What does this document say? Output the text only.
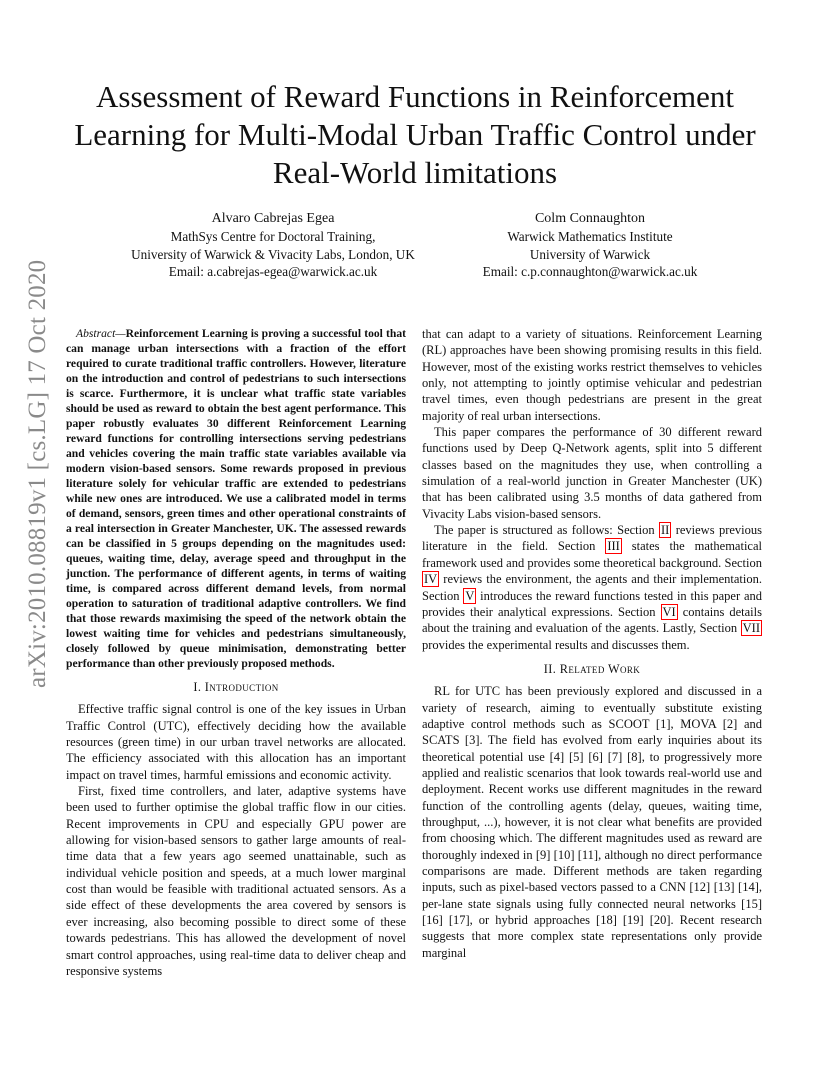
arXiv:2010.08819v1 [cs.LG] 17 Oct 2020
Assessment of Reward Functions in Reinforcement Learning for Multi-Modal Urban Traffic Control under Real-World limitations
Alvaro Cabrejas Egea
MathSys Centre for Doctoral Training,
University of Warwick & Vivacity Labs, London, UK
Email: a.cabrejas-egea@warwick.ac.uk
Colm Connaughton
Warwick Mathematics Institute
University of Warwick
Email: c.p.connaughton@warwick.ac.uk

Abstract—Reinforcement Learning is proving a successful tool that can manage urban intersections with a fraction of the effort required to curate traditional traffic controllers. However, literature on the introduction and control of pedestrians to such intersections is scarce. Furthermore, it is unclear what traffic state variables should be used as reward to obtain the best agent performance. This paper robustly evaluates 30 different Reinforcement Learning reward functions for controlling intersections serving pedestrians and vehicles covering the main traffic state variables available via modern vision-based sensors. Some rewards proposed in previous literature solely for vehicular traffic are extended to pedestrians while new ones are introduced. We use a calibrated model in terms of demand, sensors, green times and other operational constraints of a real intersection in Greater Manchester, UK. The assessed rewards can be classified in 5 groups depending on the magnitudes used: queues, waiting time, delay, average speed and throughput in the junction. The performance of different agents, in terms of waiting time, is compared across different demand levels, from normal operation to saturation of traditional adaptive controllers. We find that those rewards maximising the speed of the network obtain the lowest waiting time for vehicles and pedestrians simultaneously, closely followed by queue minimisation, demonstrating better performance than other previously proposed methods.

I. Introduction

Effective traffic signal control is one of the key issues in Urban Traffic Control (UTC), effectively deciding how the available resources (green time) in our urban travel networks are allocated. The efficiency associated with this allocation has an important impact on travel times, harmful emissions and economic activity.

First, fixed time controllers, and later, adaptive systems have been used to further optimise the global traffic flow in our cities. Recent improvements in CPU and especially GPU power are allowing for vision-based sensors to gather large amounts of real-time data that a few years ago seemed unattainable, such as individual vehicle position and speeds, at a much lower marginal cost than would be feasible with traditional actuated sensors. As a side effect of these developments the area covered by sensors is ever increasing, also becoming possible to direct some of these towards pedestrians. This has allowed the development of novel smart control approaches, using real-time data to deliver cheap and responsive systems

that can adapt to a variety of situations. Reinforcement Learning (RL) approaches have been showing promising results in this field. However, most of the existing works restrict themselves to vehicles only, not attempting to jointly optimise vehicular and pedestrian travel times, even though pedestrians are present in the great majority of real urban intersections.

This paper compares the performance of 30 different reward functions used by Deep Q-Network agents, split into 5 different classes based on the magnitudes they use, when controlling a simulation of a real-world junction in Greater Manchester (UK) that has been calibrated using 3.5 months of data gathered from Vivacity Labs vision-based sensors.

The paper is structured as follows: Section II reviews previous literature in the field. Section III states the mathematical framework used and provides some theoretical background. Section IV reviews the environment, the agents and their implementation. Section V introduces the reward functions tested in this paper and provides their analytical expressions. Section VI contains details about the training and evaluation of the agents. Lastly, Section VII provides the experimental results and discusses them.

II. Related Work

RL for UTC has been previously explored and discussed in a variety of research, aiming to eventually substitute existing adaptive control methods such as SCOOT [1], MOVA [2] and SCATS [3]. The field has evolved from early inquiries about its theoretical potential use [4] [5] [6] [7] [8], to progressively more applied and realistic scenarios that look towards real-world use and deployment. Recent works use different magnitudes in the reward function of the controlling agents (delay, queues, waiting time, throughput, ...), however, it is not clear what benefits are provided from choosing which. The different magnitudes used as reward are thoroughly indexed in [9] [10] [11], although no direct performance comparisons are made. Different methods are taken regarding inputs, such as pixel-based vectors passed to a CNN [12] [13] [14], per-lane state signals using fully connected neural networks [15] [16] [17], or hybrid approaches [18] [19] [20]. Recent research suggests that more complex state representations only provide marginal
